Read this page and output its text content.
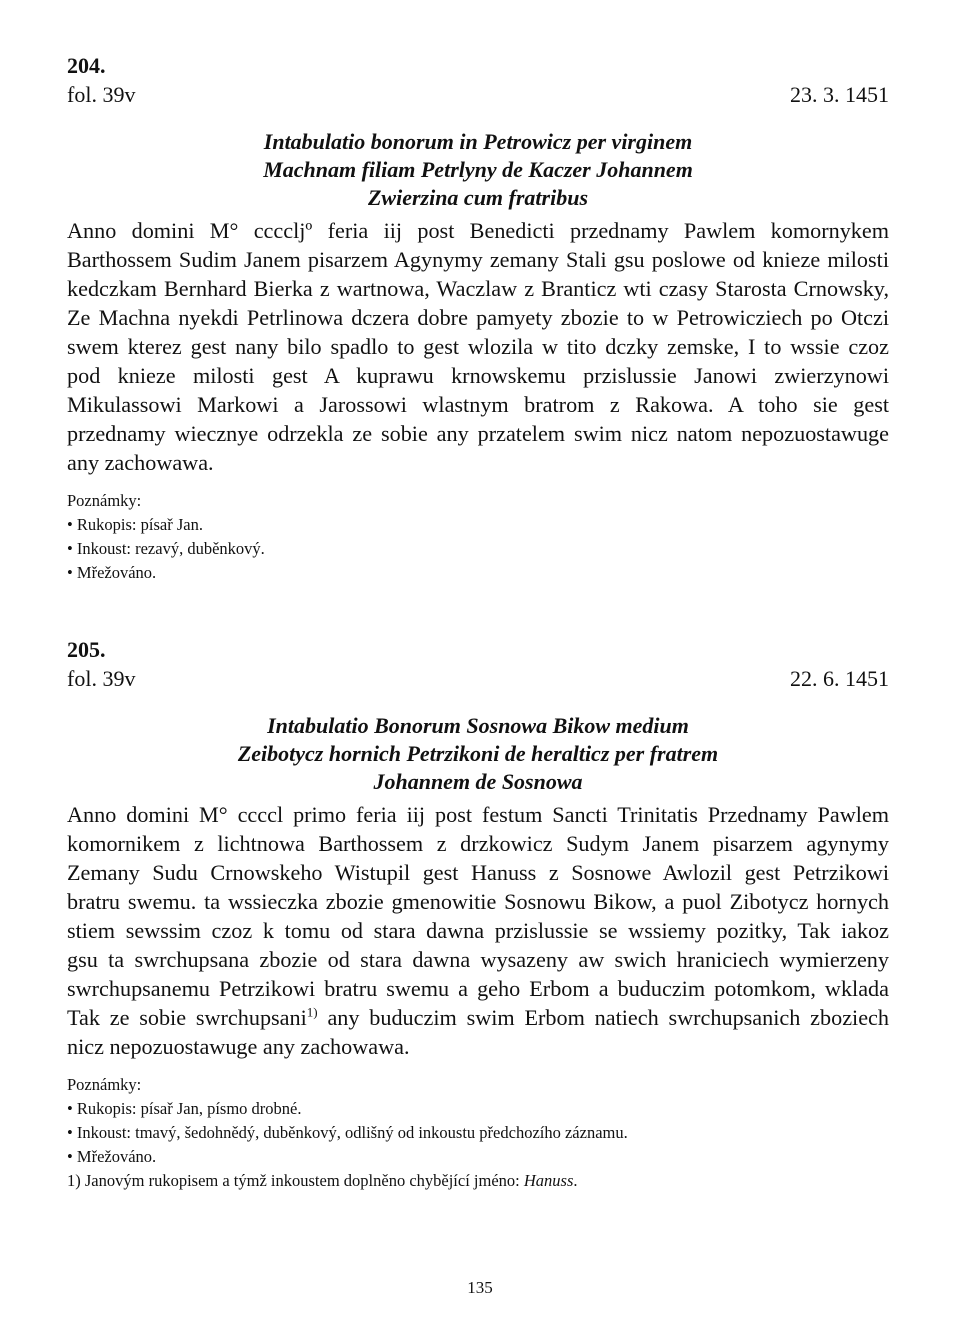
204.
fol. 39v	23. 3. 1451
Intabulatio bonorum in Petrowicz per virginem
Machnam filiam Petrlyny de Kaczer Johannem
Zwierzina cum fratribus
Anno domini M° ccccljº feria iij post Benedicti przednamy Pawlem komornykem
Barthossem Sudim Janem pisarzem Agynymy zemany Stali gsu poslowe od knieze milosti
kedczkam Bernhard Bierka z wartnowa, Waczlaw z Branticz wti czasy Starosta Crnowsky,
Ze Machna nyekdi Petrlinowa dczera dobre pamyety zbozie to w Petrowicziech po Otczi
swem kterez gest nany bilo spadlo to gest wlozila w tito dczky zemske, I to wssie czoz
pod knieze milosti gest A kuprawu krnowskemu przislussie Janowi zwierzynowi
Mikulassowi Markowi a Jarossowi wlastnym bratrom z Rakowa. A toho sie gest
przednamy wiecznye odrzekla ze sobie any przatelem swim nicz natom nepozuostawuge
any zachowawa.
Poznámky:
• Rukopis: písař Jan.
• Inkoust: rezavý, duběnkový.
• Mřežováno.
205.
fol. 39v	22. 6. 1451
Intabulatio Bonorum Sosnowa Bikow medium
Zeibotycz hornich Petrzikoni de heralticz per fratrem
Johannem de Sosnowa
Anno domini M° ccccl primo feria iij post festum Sancti Trinitatis Przednamy Pawlem
komornikem z lichtnowa Barthossem z drzkowicz Sudym Janem pisarzem agynymy
Zemany Sudu Crnowskeho Wistupil gest Hanuss z Sosnowe Awlozil gest Petrzikowi
bratru swemu. ta wssieczka zbozie gmenowitie Sosnowu Bikow, a puol Zibotycz hornych
stiem sewssim czoz k tomu od stara dawna przislussie se wssiemy pozitky, Tak iakoz
gsu ta swrchupsana zbozie od stara dawna wysazeny aw swich hraniciech wymierzeny
swrchupsanemu Petrzikowi bratru swemu a geho Erbom a buduczim potomkom, wklada
Tak ze sobie swrchupsani$^{1)}$ any buduczim swim Erbom natiech swrchupsanich zboziech
nicz nepozuostawuge any zachowawa.
Poznámky:
• Rukopis: písař Jan, písmo drobné.
• Inkoust: tmavý, šedohnědý, duběnkový, odlišný od inkoustu předchozího záznamu.
• Mřežováno.
1) Janovým rukopisem a týmž inkoustem doplněno chybějící jméno: Hanuss.
135
